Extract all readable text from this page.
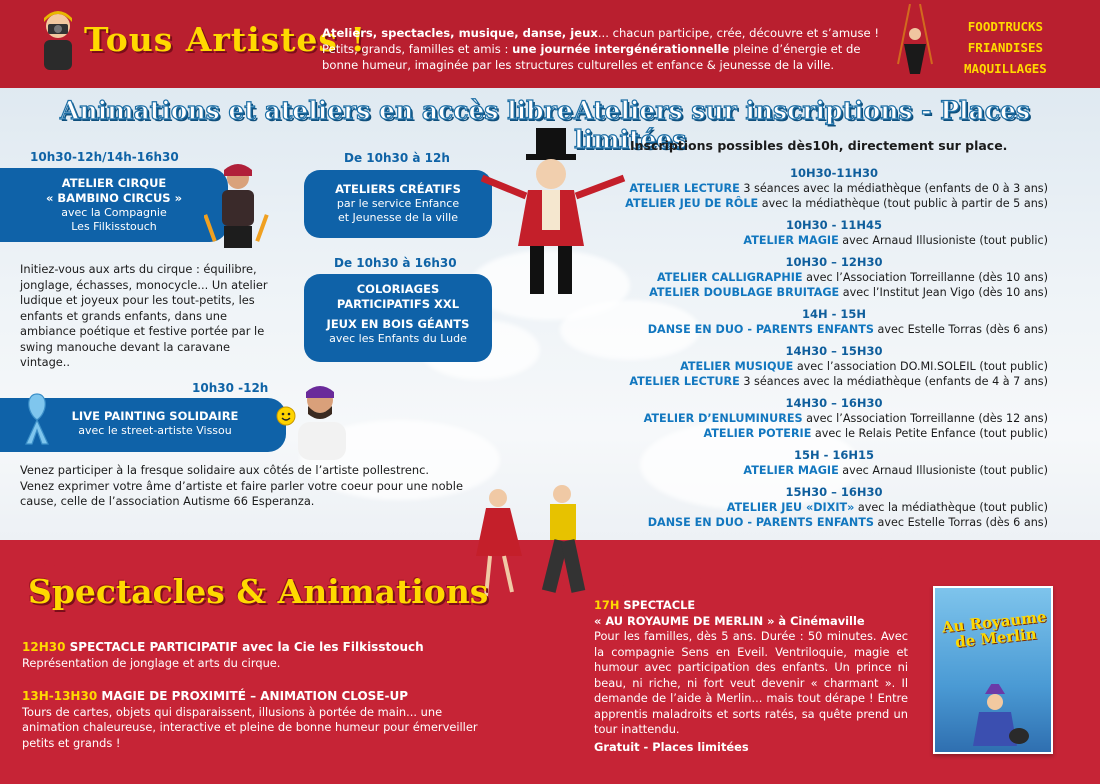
Tous Artistes !
Ateliers, spectacles, musique, danse, jeux... chacun participe, crée, découvre et s’amuse !
Petits, grands, familles et amis : une journée intergénérationnelle pleine d’énergie et de bonne humeur, imaginée par les structures culturelles et enfance & jeunesse de la ville.
FOODTRUCKS
FRIANDISES
MAQUILLAGES
Animations et ateliers en accès libre Ateliers sur inscriptions - Places limitées
10h30-12h/14h-16h30
ATELIER CIRQUE
« BAMBINO CIRCUS »
avec la Compagnie
Les Filkisstouch
Initiez-vous aux arts du cirque : équilibre, jonglage, échasses, monocycle... Un atelier ludique et joyeux pour les tout-petits, les enfants et grands enfants, dans une ambiance poétique et festive portée par le swing manouche devant la caravane vintage..
De 10h30 à 12h
ATELIERS CRÉATIFS
par le service Enfance
et Jeunesse de la ville
De 10h30 à 16h30
COLORIAGES
PARTICIPATIFS XXL
JEUX EN BOIS GÉANTS
avec les Enfants du Lude
10h30 -12h
LIVE PAINTING SOLIDAIRE
avec le street-artiste Vissou
Venez participer à la fresque solidaire aux côtés de l’artiste pollestrenc. Venez exprimer votre âme d’artiste et faire parler votre coeur pour une noble cause, celle de l’association Autisme 66 Esperanza.
Inscriptions possibles dès10h, directement sur place.
10H30-11H30
ATELIER LECTURE 3 séances avec la médiathèque (enfants de 0 à 3 ans)
ATELIER JEU DE RÔLE avec la médiathèque (tout public à partir de 5 ans)
10H30 - 11H45
ATELIER MAGIE avec Arnaud Illusioniste (tout public)
10H30 – 12H30
ATELIER CALLIGRAPHIE avec l’Association Torreillanne (dès 10 ans)
ATELIER DOUBLAGE BRUITAGE avec l’Institut Jean Vigo (dès 10 ans)
14H - 15H
DANSE EN DUO - PARENTS ENFANTS avec Estelle Torras (dès 6 ans)
14H30 – 15H30
ATELIER MUSIQUE avec l’association DO.MI.SOLEIL (tout public)
ATELIER LECTURE 3 séances avec la médiathèque (enfants de 4 à 7 ans)
14H30 – 16H30
ATELIER D’ENLUMINURES avec l’Association Torreillanne (dès 12 ans)
ATELIER POTERIE avec le Relais Petite Enfance (tout public)
15H - 16H15
ATELIER MAGIE avec Arnaud Illusioniste (tout public)
15H30 – 16H30
ATELIER JEU «DIXIT» avec la médiathèque (tout public)
DANSE EN DUO - PARENTS ENFANTS avec Estelle Torras (dès 6 ans)
Spectacles & Animations
12H30 SPECTACLE PARTICIPATIF avec la Cie les Filkisstouch
Représentation de jonglage et arts du cirque.
13H-13H30 MAGIE DE PROXIMITÉ – ANIMATION CLOSE-UP
Tours de cartes, objets qui disparaissent, illusions à portée de main... une animation chaleureuse, interactive et pleine de bonne humeur pour émerveiller petits et grands !
17H SPECTACLE
« AU ROYAUME DE MERLIN » à Cinémaville
Pour les familles, dès 5 ans. Durée : 50 minutes. Avec la compagnie Sens en Eveil. Ventriloquie, magie et humour avec participation des enfants. Un prince ni beau, ni riche, ni fort veut devenir « charmant ». Il demande de l’aide à Merlin... mais tout dérape ! Entre apprentis maladroits et sorts ratés, sa quête prend un tour inattendu.
Gratuit - Places limitées
Au Royaume de Merlin
